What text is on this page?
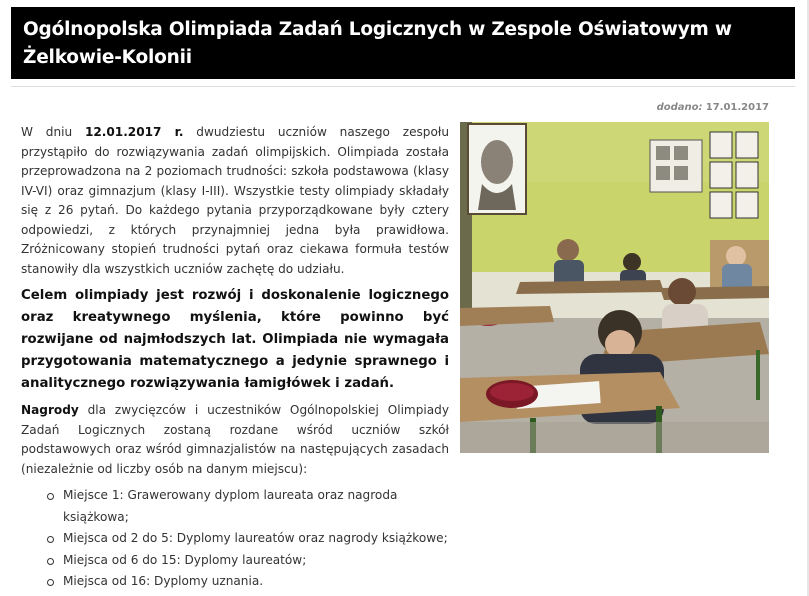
Ogólnopolska Olimpiada Zadań Logicznych w Zespole Oświatowym w Żelkowie-Kolonii
dodano: 17.01.2017

W dniu 12.01.2017 r. dwudziestu uczniów naszego zespołu przystąpiło do rozwiązywania zadań olimpijskich. Olimpiada została przeprowadzona na 2 poziomach trudności: szkoła podstawowa (klasy IV-VI) oraz gimnazjum (klasy I-III). Wszystkie testy olimpiady składały się z 26 pytań. Do każdego pytania przyporządkowane były cztery odpowiedzi, z których przynajmniej jedna była prawidłowa. Zróżnicowany stopień trudności pytań oraz ciekawa formuła testów stanowiły dla wszystkich uczniów zachętę do udziału.

Celem olimpiady jest rozwój i doskonalenie logicznego oraz kreatywnego myślenia, które powinno być rozwijane od najmłodszych lat. Olimpiada nie wymagała przygotowania matematycznego a jedynie sprawnego i analitycznego rozwiązywania łamigłówek i zadań.

Nagrody dla zwycięzców i uczestników Ogólnopolskiej Olimpiady Zadań Logicznych zostaną rozdane wśród uczniów szkół podstawowych oraz wśród gimnazjalistów na następujących zasadach (niezależnie od liczby osób na danym miejscu):

Miejsce 1: Grawerowany dyplom laureata oraz nagroda książkowa;
Miejsca od 2 do 5: Dyplomy laureatów oraz nagrody książkowe;
Miejsca od 6 do 15: Dyplomy laureatów;
Miejsca od 16: Dyplomy uznania.
